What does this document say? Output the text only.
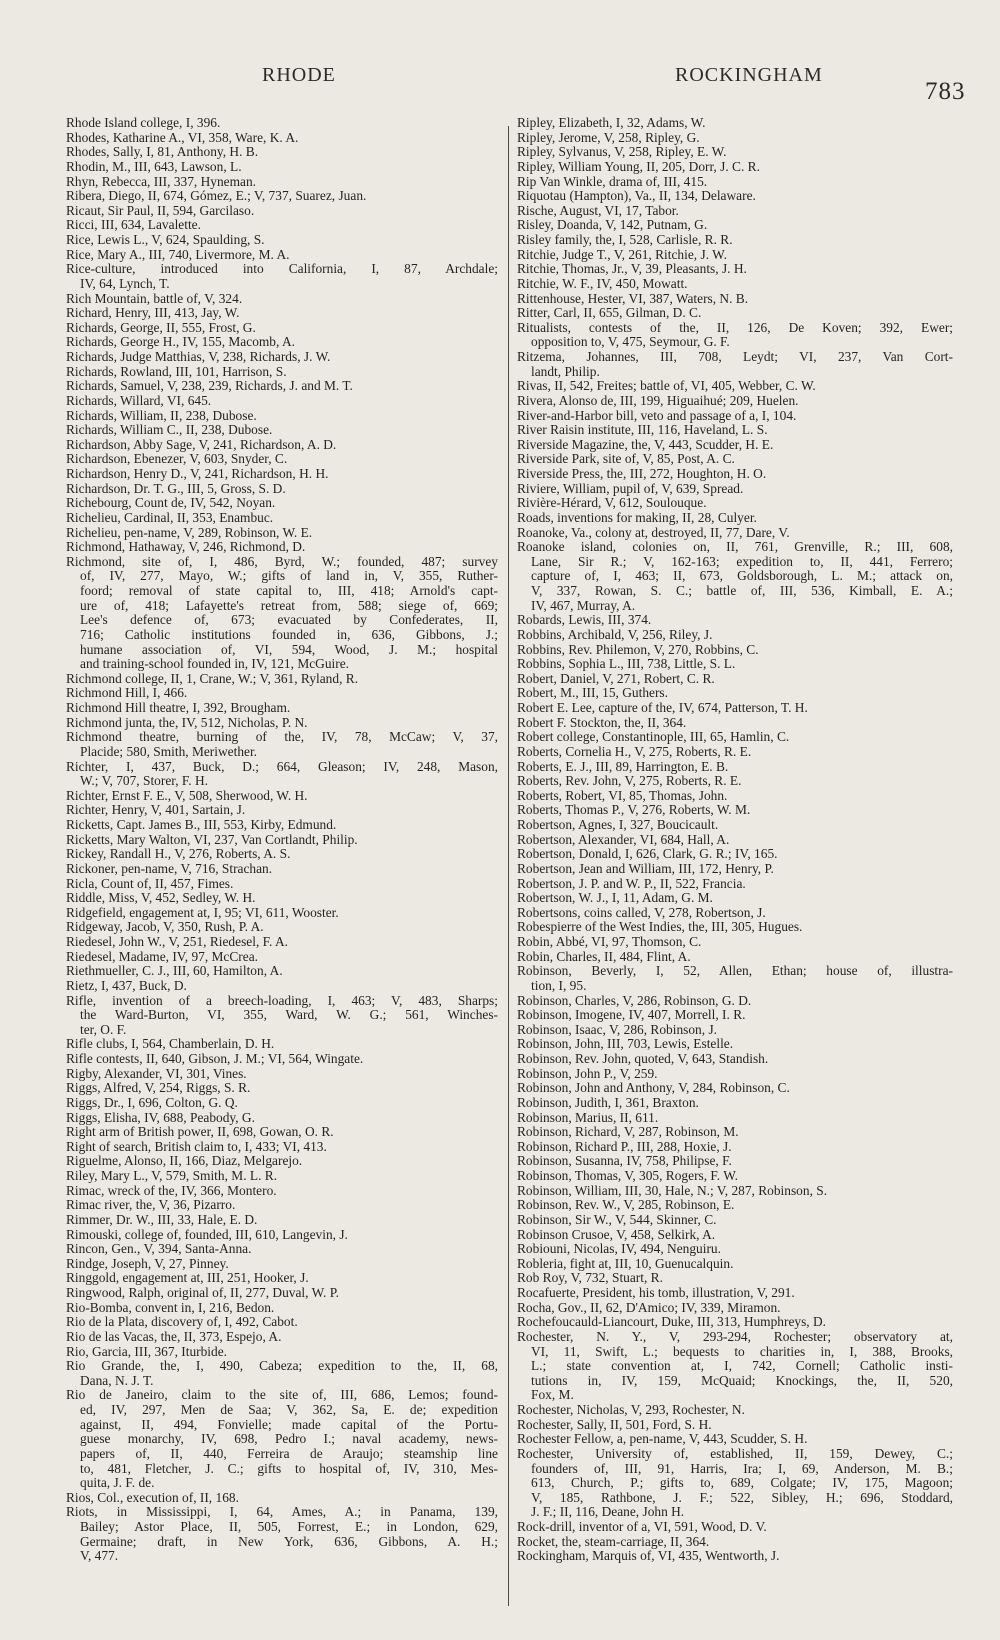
RHODE	ROCKINGHAM
783

Rhode Island college, I, 396.

Rhodes, Katharine A., VI, 358, Ware, K. A.

Rhodes, Sally, I, 81, Anthony, H. B.

Rhodin, M., III, 643, Lawson, L.

Rhyn, Rebecca, III, 337, Hyneman.

Ribera, Diego, II, 674, Gómez, E.; V, 737, Suarez, Juan.

Ricaut, Sir Paul, II, 594, Garcilaso.

Ricci, III, 634, Lavalette.

Rice, Lewis L., V, 624, Spaulding, S.

Rice, Mary A., III, 740, Livermore, M. A.

Rice-culture, introduced into California, I, 87, Archdale;
IV, 64, Lynch, T.

Rich Mountain, battle of, V, 324.

Richard, Henry, III, 413, Jay, W.

Richards, George, II, 555, Frost, G.

Richards, George H., IV, 155, Macomb, A.

Richards, Judge Matthias, V, 238, Richards, J. W.

Richards, Rowland, III, 101, Harrison, S.

Richards, Samuel, V, 238, 239, Richards, J. and M. T.

Richards, Willard, VI, 645.

Richards, William, II, 238, Dubose.

Richards, William C., II, 238, Dubose.

Richardson, Abby Sage, V, 241, Richardson, A. D.

Richardson, Ebenezer, V, 603, Snyder, C.

Richardson, Henry D., V, 241, Richardson, H. H.

Richardson, Dr. T. G., III, 5, Gross, S. D.

Richebourg, Count de, IV, 542, Noyan.

Richelieu, Cardinal, II, 353, Enambuc.

Richelieu, pen-name, V, 289, Robinson, W. E.

Richmond, Hathaway, V, 246, Richmond, D.

Richmond, site of, I, 486, Byrd, W.; founded, 487; survey
of, IV, 277, Mayo, W.; gifts of land in, V, 355, Ruther-
foord; removal of state capital to, III, 418; Arnold's capt-
ure of, 418; Lafayette's retreat from, 588; siege of, 669;
Lee's defence of, 673; evacuated by Confederates, II,
716; Catholic institutions founded in, 636, Gibbons, J.;
humane association of, VI, 594, Wood, J. M.; hospital
and training-school founded in, IV, 121, McGuire.

Richmond college, II, 1, Crane, W.; V, 361, Ryland, R.

Richmond Hill, I, 466.

Richmond Hill theatre, I, 392, Brougham.

Richmond junta, the, IV, 512, Nicholas, P. N.

Richmond theatre, burning of the, IV, 78, McCaw; V, 37,
Placide; 580, Smith, Meriwether.

Richter, I, 437, Buck, D.; 664, Gleason; IV, 248, Mason,
W.; V, 707, Storer, F. H.

Richter, Ernst F. E., V, 508, Sherwood, W. H.

Richter, Henry, V, 401, Sartain, J.

Ricketts, Capt. James B., III, 553, Kirby, Edmund.

Ricketts, Mary Walton, VI, 237, Van Cortlandt, Philip.

Rickey, Randall H., V, 276, Roberts, A. S.

Rickoner, pen-name, V, 716, Strachan.

Ricla, Count of, II, 457, Fimes.

Riddle, Miss, V, 452, Sedley, W. H.

Ridgefield, engagement at, I, 95; VI, 611, Wooster.

Ridgeway, Jacob, V, 350, Rush, P. A.

Riedesel, John W., V, 251, Riedesel, F. A.

Riedesel, Madame, IV, 97, McCrea.

Riethmueller, C. J., III, 60, Hamilton, A.

Rietz, I, 437, Buck, D.

Rifle, invention of a breech-loading, I, 463; V, 483, Sharps;
the Ward-Burton, VI, 355, Ward, W. G.; 561, Winches-
ter, O. F.

Rifle clubs, I, 564, Chamberlain, D. H.

Rifle contests, II, 640, Gibson, J. M.; VI, 564, Wingate.

Rigby, Alexander, VI, 301, Vines.

Riggs, Alfred, V, 254, Riggs, S. R.

Riggs, Dr., I, 696, Colton, G. Q.

Riggs, Elisha, IV, 688, Peabody, G.

Right arm of British power, II, 698, Gowan, O. R.

Right of search, British claim to, I, 433; VI, 413.

Riguelme, Alonso, II, 166, Diaz, Melgarejo.

Riley, Mary L., V, 579, Smith, M. L. R.

Rimac, wreck of the, IV, 366, Montero.

Rimac river, the, V, 36, Pizarro.

Rimmer, Dr. W., III, 33, Hale, E. D.

Rimouski, college of, founded, III, 610, Langevin, J.

Rincon, Gen., V, 394, Santa-Anna.

Rindge, Joseph, V, 27, Pinney.

Ringgold, engagement at, III, 251, Hooker, J.

Ringwood, Ralph, original of, II, 277, Duval, W. P.

Rio-Bomba, convent in, I, 216, Bedon.

Rio de la Plata, discovery of, I, 492, Cabot.

Rio de las Vacas, the, II, 373, Espejo, A.

Rio, Garcia, III, 367, Iturbide.

Rio Grande, the, I, 490, Cabeza; expedition to the, II, 68,
Dana, N. J. T.

Rio de Janeiro, claim to the site of, III, 686, Lemos; found-
ed, IV, 297, Men de Saa; V, 362, Sa, E. de; expedition
against, II, 494, Fonvielle; made capital of the Portu-
guese monarchy, IV, 698, Pedro I.; naval academy, news-
papers of, II, 440, Ferreira de Araujo; steamship line
to, 481, Fletcher, J. C.; gifts to hospital of, IV, 310, Mes-
quita, J. F. de.

Rios, Col., execution of, II, 168.

Riots, in Mississippi, I, 64, Ames, A.; in Panama, 139,
Bailey; Astor Place, II, 505, Forrest, E.; in London, 629,
Germaine; draft, in New York, 636, Gibbons, A. H.;
V, 477.

Ripley, Elizabeth, I, 32, Adams, W.

Ripley, Jerome, V, 258, Ripley, G.

Ripley, Sylvanus, V, 258, Ripley, E. W.

Ripley, William Young, II, 205, Dorr, J. C. R.

Rip Van Winkle, drama of, III, 415.

Riquotau (Hampton), Va., II, 134, Delaware.

Rische, August, VI, 17, Tabor.

Risley, Doanda, V, 142, Putnam, G.

Risley family, the, I, 528, Carlisle, R. R.

Ritchie, Judge T., V, 261, Ritchie, J. W.

Ritchie, Thomas, Jr., V, 39, Pleasants, J. H.

Ritchie, W. F., IV, 450, Mowatt.

Rittenhouse, Hester, VI, 387, Waters, N. B.

Ritter, Carl, II, 655, Gilman, D. C.

Ritualists, contests of the, II, 126, De Koven; 392, Ewer;
opposition to, V, 475, Seymour, G. F.

Ritzema, Johannes, III, 708, Leydt; VI, 237, Van Cort-
landt, Philip.

Rivas, II, 542, Freites; battle of, VI, 405, Webber, C. W.

Rivera, Alonso de, III, 199, Higuaihué; 209, Huelen.

River-and-Harbor bill, veto and passage of a, I, 104.

River Raisin institute, III, 116, Haveland, L. S.

Riverside Magazine, the, V, 443, Scudder, H. E.

Riverside Park, site of, V, 85, Post, A. C.

Riverside Press, the, III, 272, Houghton, H. O.

Riviere, William, pupil of, V, 639, Spread.

Rivière-Hérard, V, 612, Soulouque.

Roads, inventions for making, II, 28, Culyer.

Roanoke, Va., colony at, destroyed, II, 77, Dare, V.

Roanoke island, colonies on, II, 761, Grenville, R.; III, 608,
Lane, Sir R.; V, 162-163; expedition to, II, 441, Ferrero;
capture of, I, 463; II, 673, Goldsborough, L. M.; attack on,
V, 337, Rowan, S. C.; battle of, III, 536, Kimball, E. A.;
IV, 467, Murray, A.

Robards, Lewis, III, 374.

Robbins, Archibald, V, 256, Riley, J.

Robbins, Rev. Philemon, V, 270, Robbins, C.

Robbins, Sophia L., III, 738, Little, S. L.

Robert, Daniel, V, 271, Robert, C. R.

Robert, M., III, 15, Guthers.

Robert E. Lee, capture of the, IV, 674, Patterson, T. H.

Robert F. Stockton, the, II, 364.

Robert college, Constantinople, III, 65, Hamlin, C.

Roberts, Cornelia H., V, 275, Roberts, R. E.

Roberts, E. J., III, 89, Harrington, E. B.

Roberts, Rev. John, V, 275, Roberts, R. E.

Roberts, Robert, VI, 85, Thomas, John.

Roberts, Thomas P., V, 276, Roberts, W. M.

Robertson, Agnes, I, 327, Boucicault.

Robertson, Alexander, VI, 684, Hall, A.

Robertson, Donald, I, 626, Clark, G. R.; IV, 165.

Robertson, Jean and William, III, 172, Henry, P.

Robertson, J. P. and W. P., II, 522, Francia.

Robertson, W. J., I, 11, Adam, G. M.

Robertsons, coins called, V, 278, Robertson, J.

Robespierre of the West Indies, the, III, 305, Hugues.

Robin, Abbé, VI, 97, Thomson, C.

Robin, Charles, II, 484, Flint, A.

Robinson, Beverly, I, 52, Allen, Ethan; house of, illustra-
tion, I, 95.

Robinson, Charles, V, 286, Robinson, G. D.

Robinson, Imogene, IV, 407, Morrell, I. R.

Robinson, Isaac, V, 286, Robinson, J.

Robinson, John, III, 703, Lewis, Estelle.

Robinson, Rev. John, quoted, V, 643, Standish.

Robinson, John P., V, 259.

Robinson, John and Anthony, V, 284, Robinson, C.

Robinson, Judith, I, 361, Braxton.

Robinson, Marius, II, 611.

Robinson, Richard, V, 287, Robinson, M.

Robinson, Richard P., III, 288, Hoxie, J.

Robinson, Susanna, IV, 758, Philipse, F.

Robinson, Thomas, V, 305, Rogers, F. W.

Robinson, William, III, 30, Hale, N.; V, 287, Robinson, S.

Robinson, Rev. W., V, 285, Robinson, E.

Robinson, Sir W., V, 544, Skinner, C.

Robinson Crusoe, V, 458, Selkirk, A.

Robiouni, Nicolas, IV, 494, Nenguiru.

Robleria, fight at, III, 10, Guenucalquin.

Rob Roy, V, 732, Stuart, R.

Rocafuerte, President, his tomb, illustration, V, 291.

Rocha, Gov., II, 62, D'Amico; IV, 339, Miramon.

Rochefoucauld-Liancourt, Duke, III, 313, Humphreys, D.

Rochester, N. Y., V, 293-294, Rochester; observatory at,
VI, 11, Swift, L.; bequests to charities in, I, 388, Brooks,
L.; state convention at, I, 742, Cornell; Catholic insti-
tutions in, IV, 159, McQuaid; Knockings, the, II, 520,
Fox, M.

Rochester, Nicholas, V, 293, Rochester, N.

Rochester, Sally, II, 501, Ford, S. H.

Rochester Fellow, a, pen-name, V, 443, Scudder, S. H.

Rochester, University of, established, II, 159, Dewey, C.;
founders of, III, 91, Harris, Ira; I, 69, Anderson, M. B.;
613, Church, P.; gifts to, 689, Colgate; IV, 175, Magoon;
V, 185, Rathbone, J. F.; 522, Sibley, H.; 696, Stoddard,
J. F.; II, 116, Deane, John H.

Rock-drill, inventor of a, VI, 591, Wood, D. V.

Rocket, the, steam-carriage, II, 364.

Rockingham, Marquis of, VI, 435, Wentworth, J.
